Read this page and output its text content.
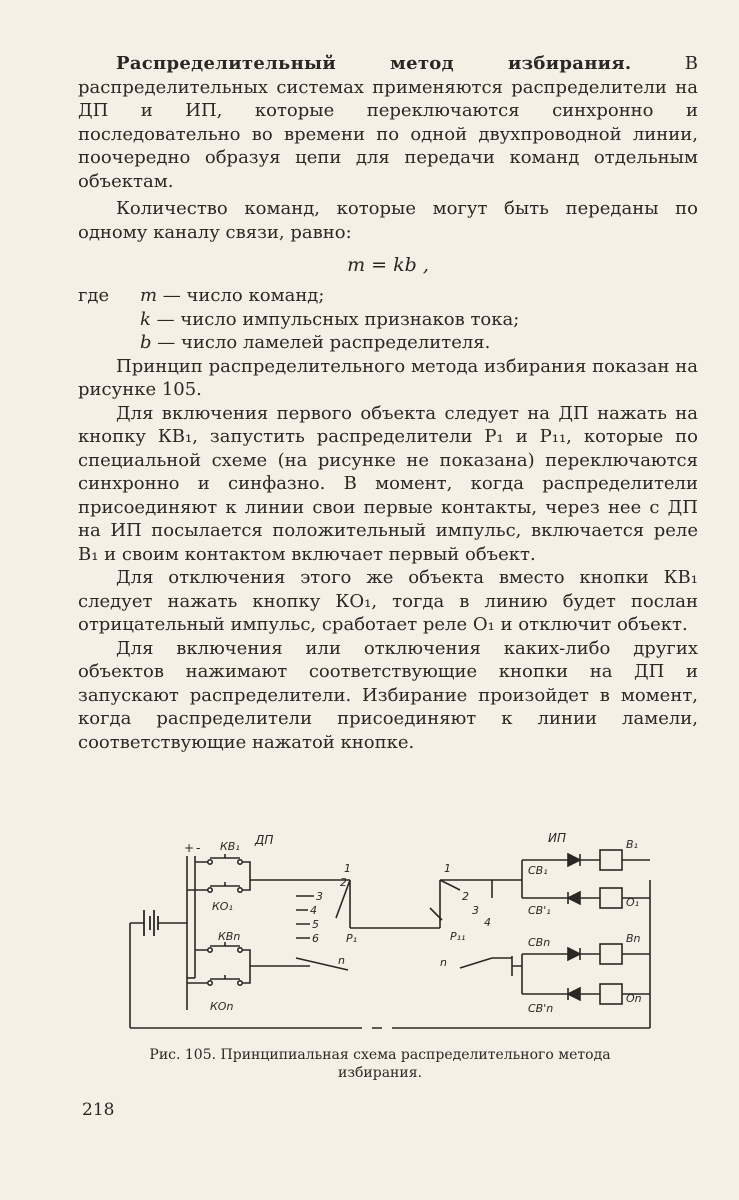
Распределительный метод избирания.	В распределительных системах применяются распределители на ДП и ИП, которые переключаются синхронно и последовательно во времени по одной двухпроводной линии, поочередно образуя цепи для передачи команд отдельным объектам.

Количество команд, которые могут быть переданы по одному каналу связи, равно:

m = kb ,
где	m — число команд;
k — число импульсных признаков тока;
b — число ламелей распределителя.

Принцип распределительного метода избирания показан на рисунке 105.

Для включения первого объекта следует на ДП нажать на кнопку КВ₁, запустить распределители Р₁ и Р₁₁, которые по специальной схеме (на рисунке не показана) переключаются синхронно и синфазно. В момент, когда распределители присоединяют к линии свои первые контакты, через нее с ДП на ИП посылается положительный импульс, включается реле В₁ и своим контактом включает первый объект.

Для отключения этого же объекта вместо кнопки КВ₁ следует нажать кнопку КО₁, тогда в линию будет послан отрицательный импульс, сработает реле О₁ и отключит объект.

Для включения или отключения каких-либо других объектов нажимают соответствующие кнопки на ДП и запускают распределители. Избирание произойдет в момент, когда распределители присоединяют к линии ламели, соответствующие нажатой кнопке.

ДП
+ - КВ₁
КО₁
КВn
КОn
1
2
3
4
5
6
n
Р₁
1
2
3
4
n
Р₁₁
ИП
СВ₁
СВ'₁
СВn
СВ'n
В₁
О₁
Вn
Оn
Рис. 105. Принципиальная схема распределительного метода избирания.
218
